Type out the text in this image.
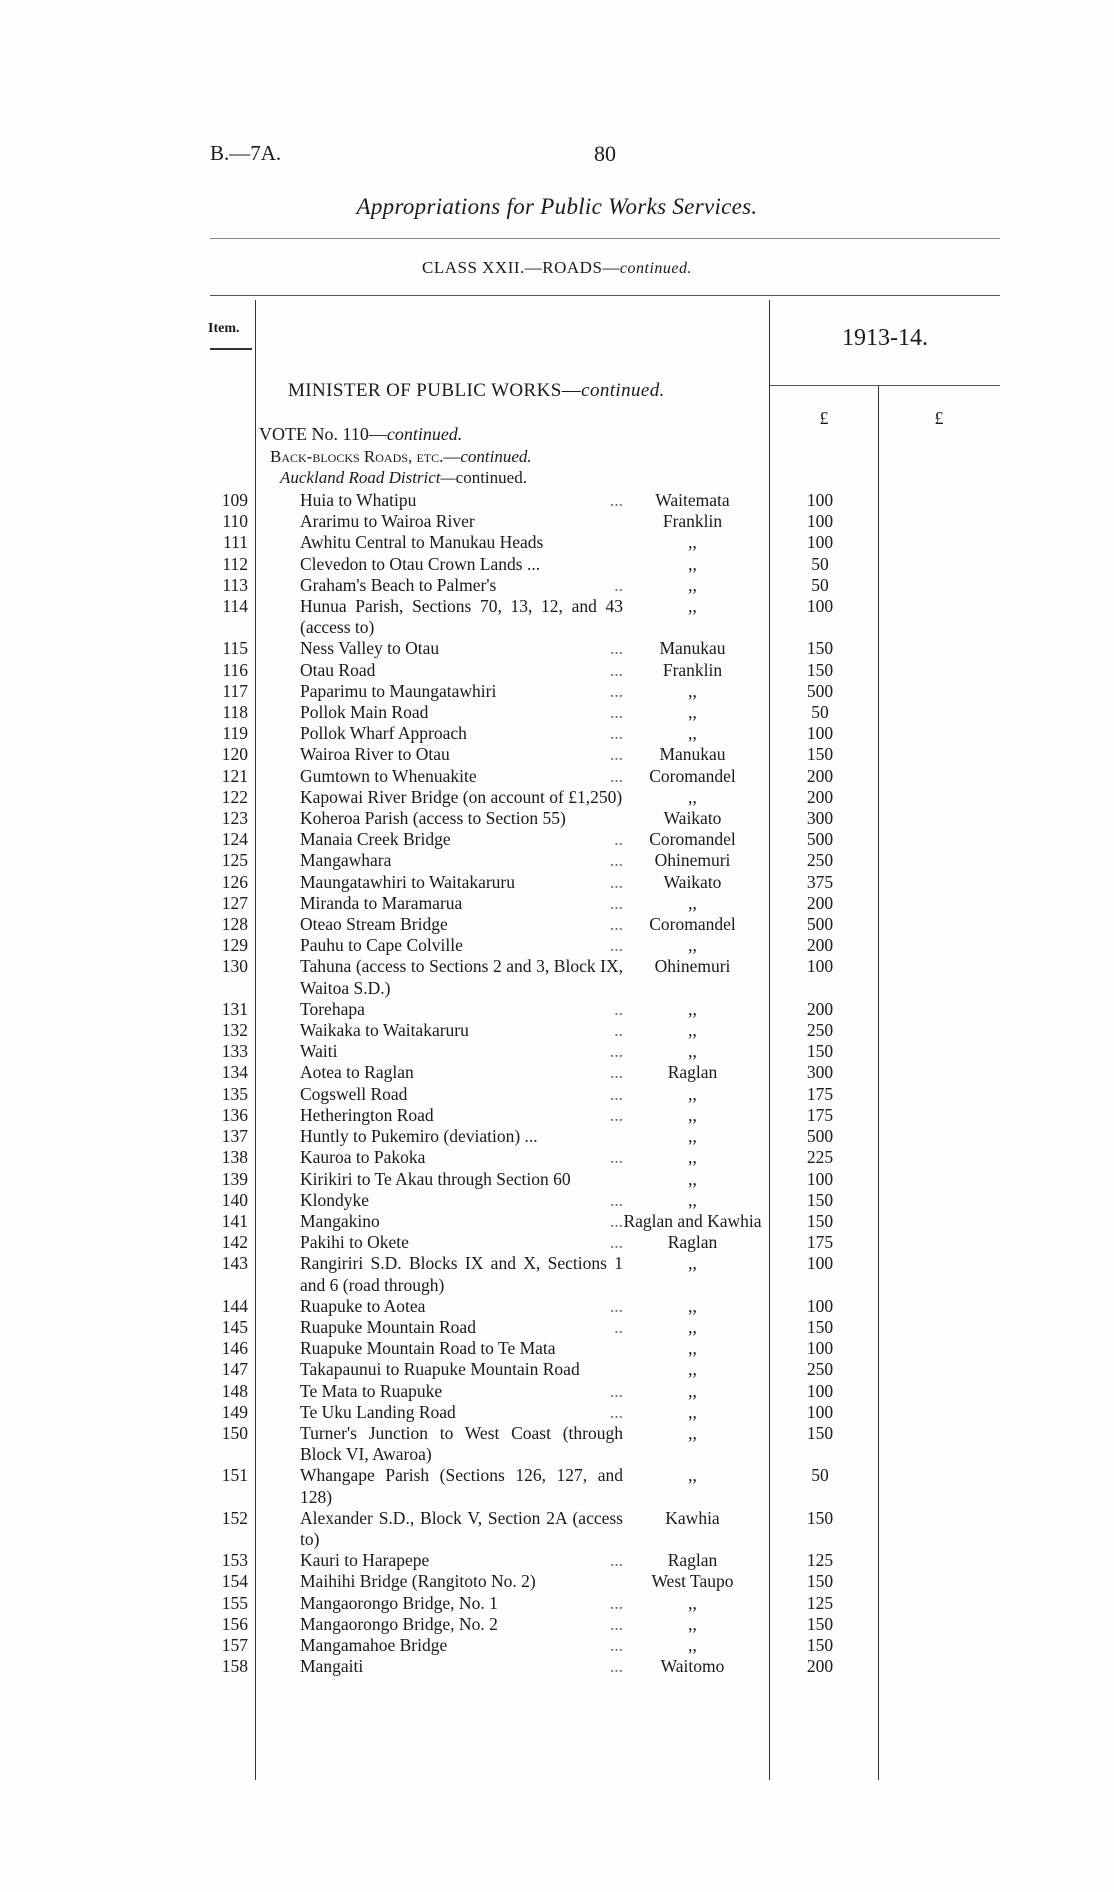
B.—7A.	80
Appropriations for Public Works Services.
CLASS XXII.—ROADS—continued.
Item.	1913-14.
£	£
MINISTER OF PUBLIC WORKS—continued.
VOTE No. 110—continued.
Back-blocks Roads, etc.—continued.
Auckland Road District—continued.
109	Huia to Whatipu	...	Waitemata	100
110	Ararimu to Wairoa River	Franklin	100
111	Awhitu Central to Manukau Heads	,,	100
112	Clevedon to Otau Crown Lands ...	,,	50
113	Graham's Beach to Palmer's	..	,,	50
114	Hunua Parish, Sections 70, 13, 12, and 43 (access to)
,,	100
115	Ness Valley to Otau	...	Manukau	150
116	Otau Road	...	Franklin	150
117	Paparimu to Maungatawhiri	...	,,	500
118	Pollok Main Road	...	,,	50
119	Pollok Wharf Approach	...	,,	100
120	Wairoa River to Otau	...	Manukau	150
121	Gumtown to Whenuakite	...	Coromandel	200
122	Kapowai River Bridge (on account of £1,250)	,,	200
123	Koheroa Parish (access to Section 55)	Waikato	300
124	Manaia Creek Bridge	..	Coromandel	500
125	Mangawhara	...	Ohinemuri	250
126	Maungatawhiri to Waitakaruru	...	Waikato	375
127	Miranda to Maramarua	...	,,	200
128	Oteao Stream Bridge	...	Coromandel	500
129	Pauhu to Cape Colville	...	,,	200
130	Tahuna (access to Sections 2 and 3, Block IX, Waitoa S.D.)
Ohinemuri	100
131	Torehapa	..	,,	200
132	Waikaka to Waitakaruru	..	,,	250
133	Waiti	...	,,	150
134	Aotea to Raglan	...	Raglan	300
135	Cogswell Road	...	,,	175
136	Hetherington Road	...	,,	175
137	Huntly to Pukemiro (deviation) ...	,,	500
138	Kauroa to Pakoka	...	,,	225
139	Kirikiri to Te Akau through Section 60	,,	100
140	Klondyke	...	,,	150
141	Mangakino	... Raglan and Kawhia	150
142	Pakihi to Okete	...	Raglan	175
143	Rangiriri S.D. Blocks IX and X, Sections 1 and 6 (road through)
,,	100
144	Ruapuke to Aotea	...	,,	100
145	Ruapuke Mountain Road	..	,,	150
146	Ruapuke Mountain Road to Te Mata	,,	100
147	Takapaunui to Ruapuke Mountain Road	,,	250
148	Te Mata to Ruapuke	...	,,	100
149	Te Uku Landing Road	...	,,	100
150	Turner's Junction to West Coast (through Block VI, Awaroa)
,,	150
151	Whangape Parish (Sections 126, 127, and 128)
,,	50
152	Alexander S.D., Block V, Section 2A (access to)
Kawhia	150
153	Kauri to Harapepe	...	Raglan	125
154	Maihihi Bridge (Rangitoto No. 2)	West Taupo	150
155	Mangaorongo Bridge, No. 1	...	,,	125
156	Mangaorongo Bridge, No. 2	...	,,	150
157	Mangamahoe Bridge	...	,,	150
158	Mangaiti	...	Waitomo	200
